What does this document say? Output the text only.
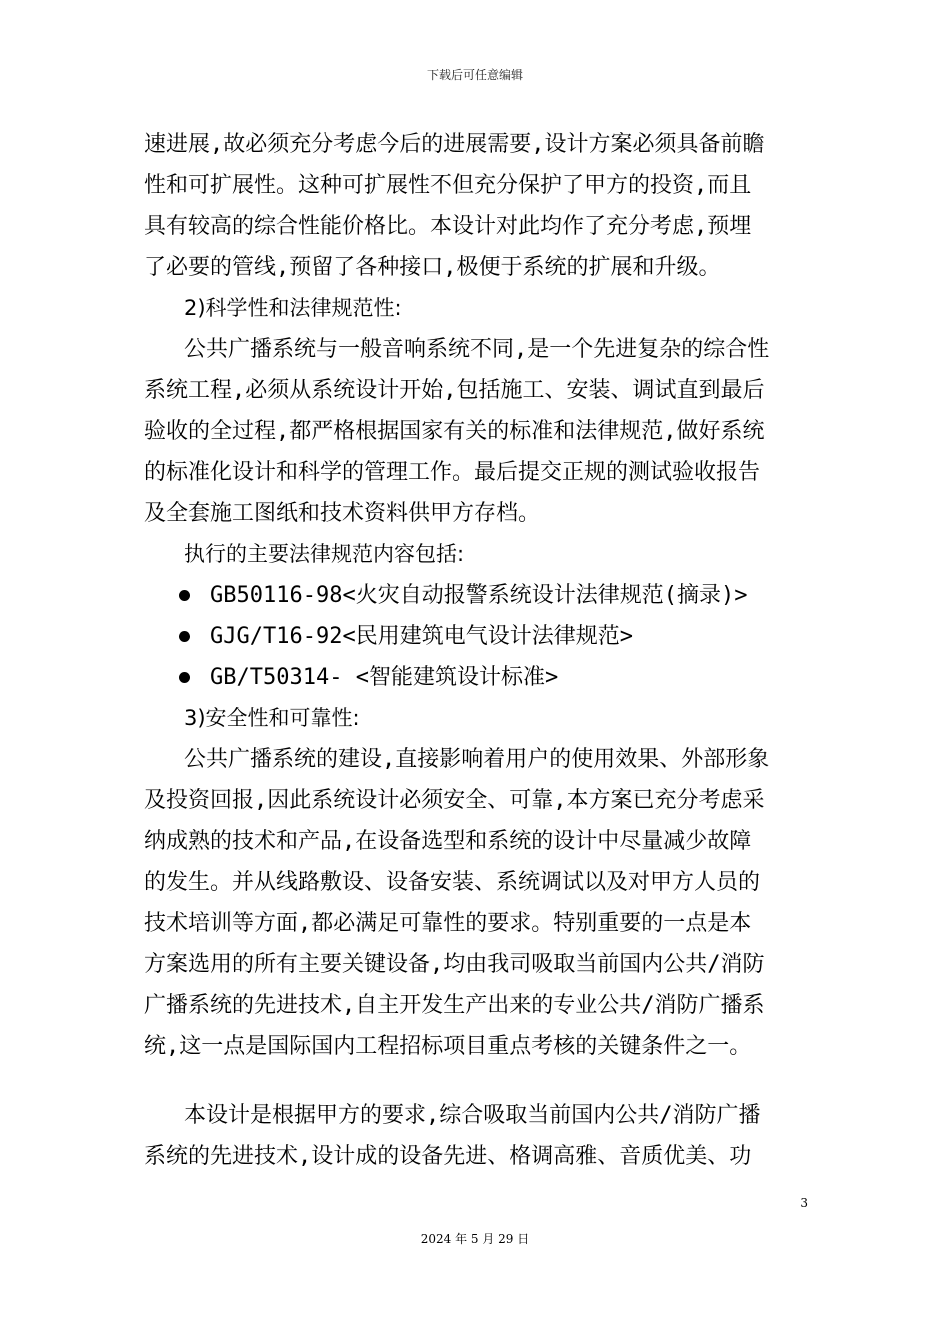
下载后可任意编辑
速进展,故必须充分考虑今后的进展需要,设计方案必须具备前瞻
性和可扩展性。这种可扩展性不但充分保护了甲方的投资,而且
具有较高的综合性能价格比。本设计对此均作了充分考虑,预埋
了必要的管线,预留了各种接口,极便于系统的扩展和升级。
2)科学性和法律规范性:
公共广播系统与一般音响系统不同,是一个先进复杂的综合性
系统工程,必须从系统设计开始,包括施工、安装、调试直到最后
验收的全过程,都严格根据国家有关的标准和法律规范,做好系统
的标准化设计和科学的管理工作。最后提交正规的测试验收报告
及全套施工图纸和技术资料供甲方存档。
执行的主要法律规范内容包括:
GB50116-98<火灾自动报警系统设计法律规范(摘录)>
GJG/T16-92<民用建筑电气设计法律规范>
GB/T50314- <智能建筑设计标准>
3)安全性和可靠性:
公共广播系统的建设,直接影响着用户的使用效果、外部形象
及投资回报,因此系统设计必须安全、可靠,本方案已充分考虑采
纳成熟的技术和产品,在设备选型和系统的设计中尽量减少故障
的发生。并从线路敷设、设备安装、系统调试以及对甲方人员的
技术培训等方面,都必满足可靠性的要求。特别重要的一点是本
方案选用的所有主要关键设备,均由我司吸取当前国内公共/消防
广播系统的先进技术,自主开发生产出来的专业公共/消防广播系
统,这一点是国际国内工程招标项目重点考核的关键条件之一。
本设计是根据甲方的要求,综合吸取当前国内公共/消防广播
系统的先进技术,设计成的设备先进、格调高雅、音质优美、功
3
2024 年 5 月 29 日
